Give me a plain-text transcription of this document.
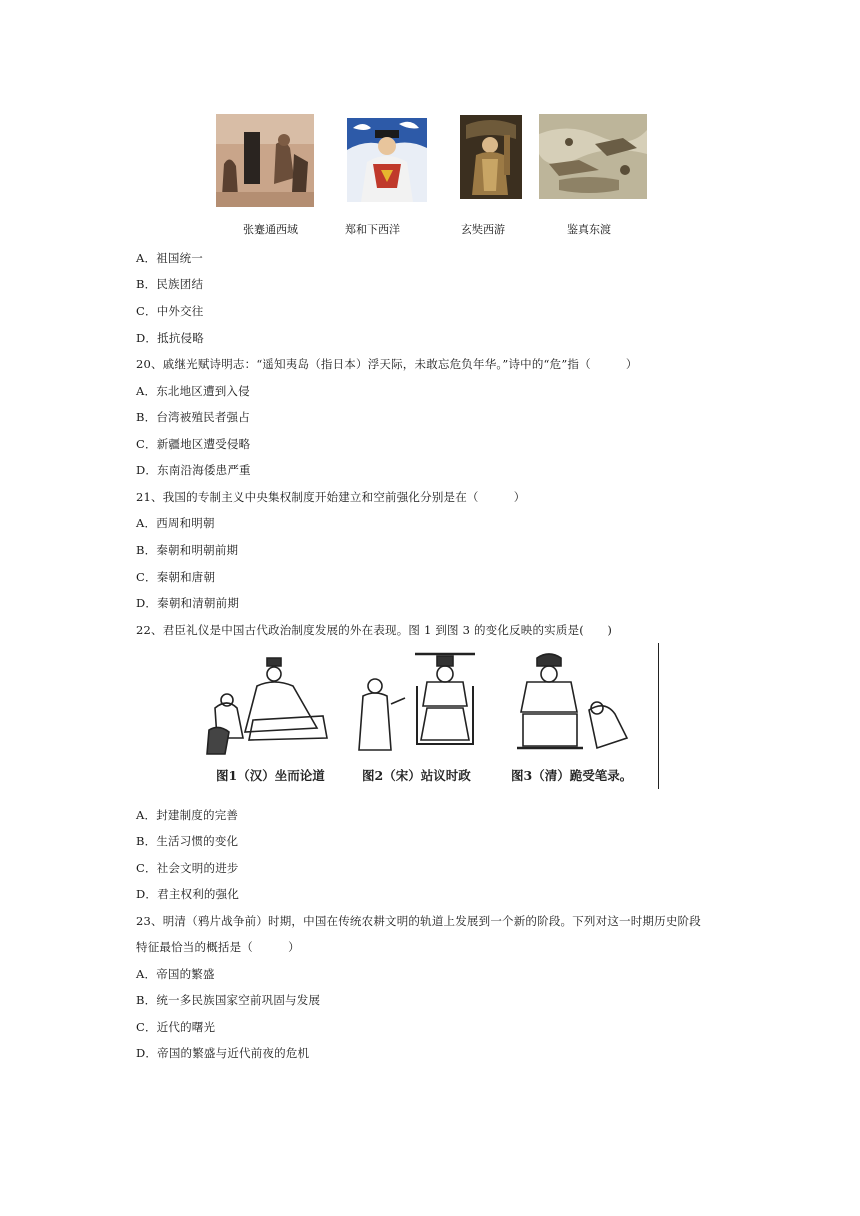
张蹇通西域	郑和下西洋	玄奘西游	鉴真东渡
A．祖国统一
B．民族团结
C．中外交往
D．抵抗侵略
20、戚继光赋诗明志：“遥知夷岛（指日本）浮天际，未敢忘危负年华。”诗中的“危”指（　　　）
A．东北地区遭到入侵
B．台湾被殖民者强占
C．新疆地区遭受侵略
D．东南沿海倭患严重
21、我国的专制主义中央集权制度开始建立和空前强化分别是在（　　　）
A．西周和明朝
B．秦朝和明朝前期
C．秦朝和唐朝
D．秦朝和清朝前期
22、君臣礼仪是中国古代政治制度发展的外在表现。图 1 到图 3 的变化反映的实质是(　　)
图1（汉）坐而论道	图2（宋）站议时政	图3（清）跪受笔录。
A．封建制度的完善
B．生活习惯的变化
C．社会文明的进步
D．君主权利的强化
23、明清（鸦片战争前）时期，中国在传统农耕文明的轨道上发展到一个新的阶段。下列对这一时期历史阶段
特征最恰当的概括是（　　　）
A．帝国的繁盛
B．统一多民族国家空前巩固与发展
C．近代的曙光
D．帝国的繁盛与近代前夜的危机
